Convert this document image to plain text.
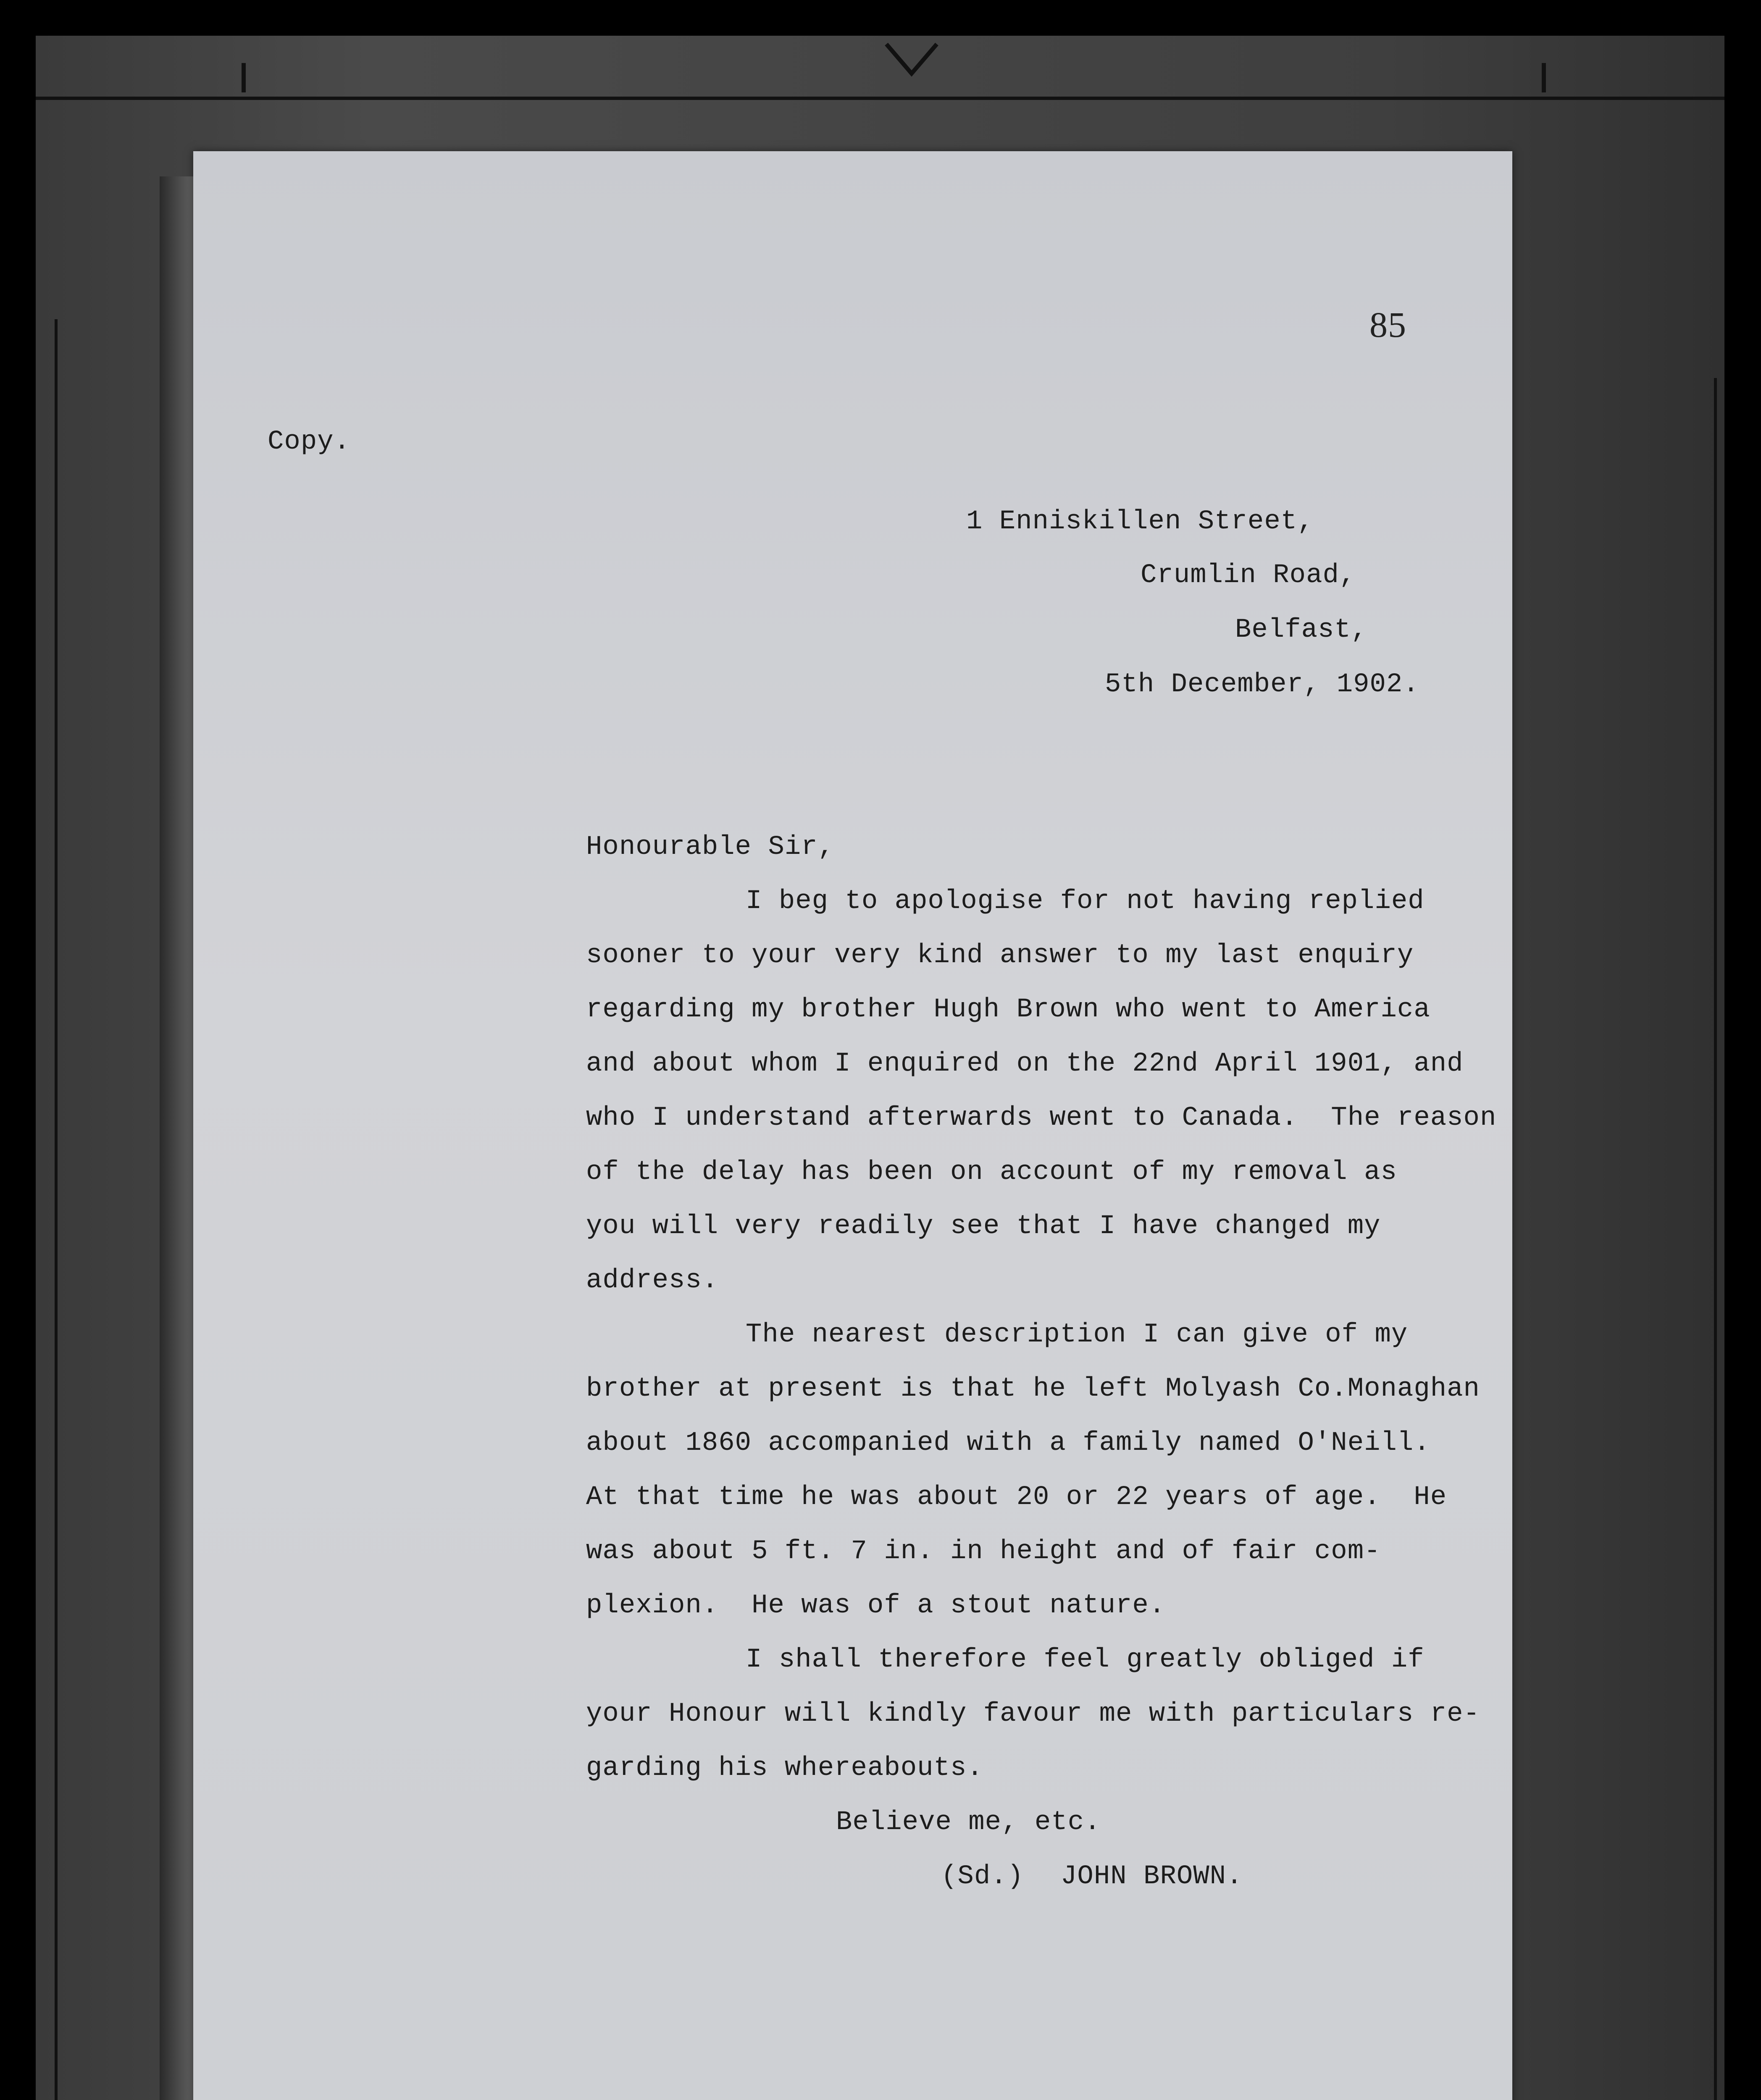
85
Copy.
1 Enniskillen Street,
Crumlin Road,
Belfast,
5th December, 1902.
Honourable Sir,
I beg to apologise for not having replied
sooner to your very kind answer to my last enquiry
regarding my brother Hugh Brown who went to America
and about whom I enquired on the 22nd April 1901, and
who I understand afterwards went to Canada.  The reason
of the delay has been on account of my removal as
you will very readily see that I have changed my
address.
The nearest description I can give of my
brother at present is that he left Molyash Co.Monaghan
about 1860 accompanied with a family named O'Neill.
At that time he was about 20 or 22 years of age.  He
was about 5 ft. 7 in. in height and of fair com-
plexion.  He was of a stout nature.
I shall therefore feel greatly obliged if
your Honour will kindly favour me with particulars re-
garding his whereabouts.
Believe me, etc.
(Sd.) JOHN BROWN.
